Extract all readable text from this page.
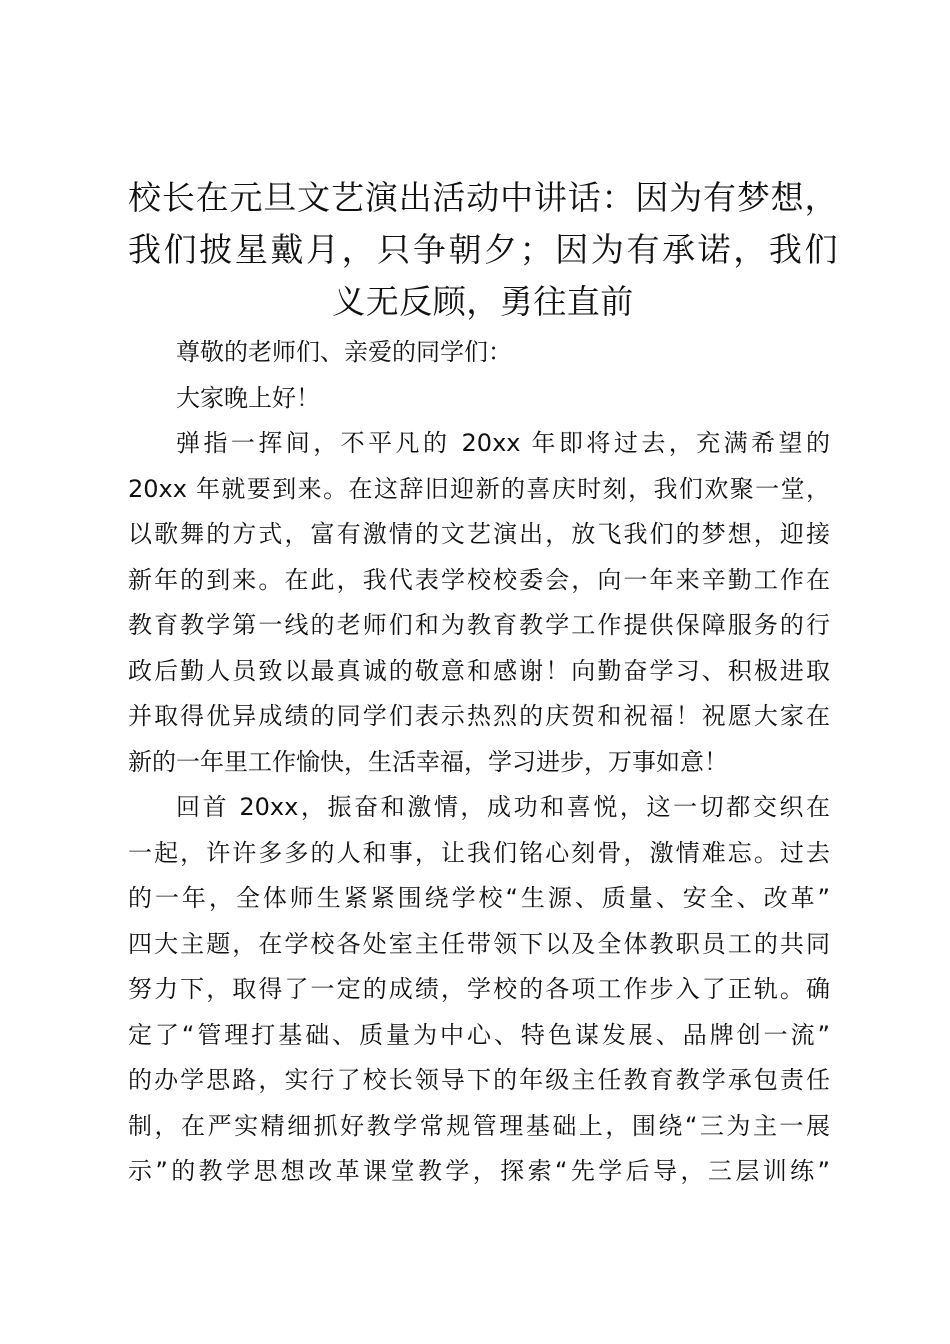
校长在元旦文艺演出活动中讲话：因为有梦想，
我们披星戴月，只争朝夕；因为有承诺，我们
义无反顾，勇往直前

尊敬的老师们、亲爱的同学们：

大家晚上好！

弹指一挥间，不平凡的 20xx 年即将过去，充满希望的
20xx 年就要到来。在这辞旧迎新的喜庆时刻，我们欢聚一堂，
以歌舞的方式，富有激情的文艺演出，放飞我们的梦想，迎接
新年的到来。在此，我代表学校校委会，向一年来辛勤工作在
教育教学第一线的老师们和为教育教学工作提供保障服务的行
政后勤人员致以最真诚的敬意和感谢！向勤奋学习、积极进取
并取得优异成绩的同学们表示热烈的庆贺和祝福！祝愿大家在
新的一年里工作愉快，生活幸福，学习进步，万事如意！

回首 20xx，振奋和激情，成功和喜悦，这一切都交织在
一起，许许多多的人和事，让我们铭心刻骨，激情难忘。过去
的一年，全体师生紧紧围绕学校“生源、质量、安全、改革”
四大主题，在学校各处室主任带领下以及全体教职员工的共同
努力下，取得了一定的成绩，学校的各项工作步入了正轨。确
定了“管理打基础、质量为中心、特色谋发展、品牌创一流”
的办学思路，实行了校长领导下的年级主任教育教学承包责任
制，在严实精细抓好教学常规管理基础上，围绕“三为主一展
示”的教学思想改革课堂教学，探索“先学后导，三层训练”
